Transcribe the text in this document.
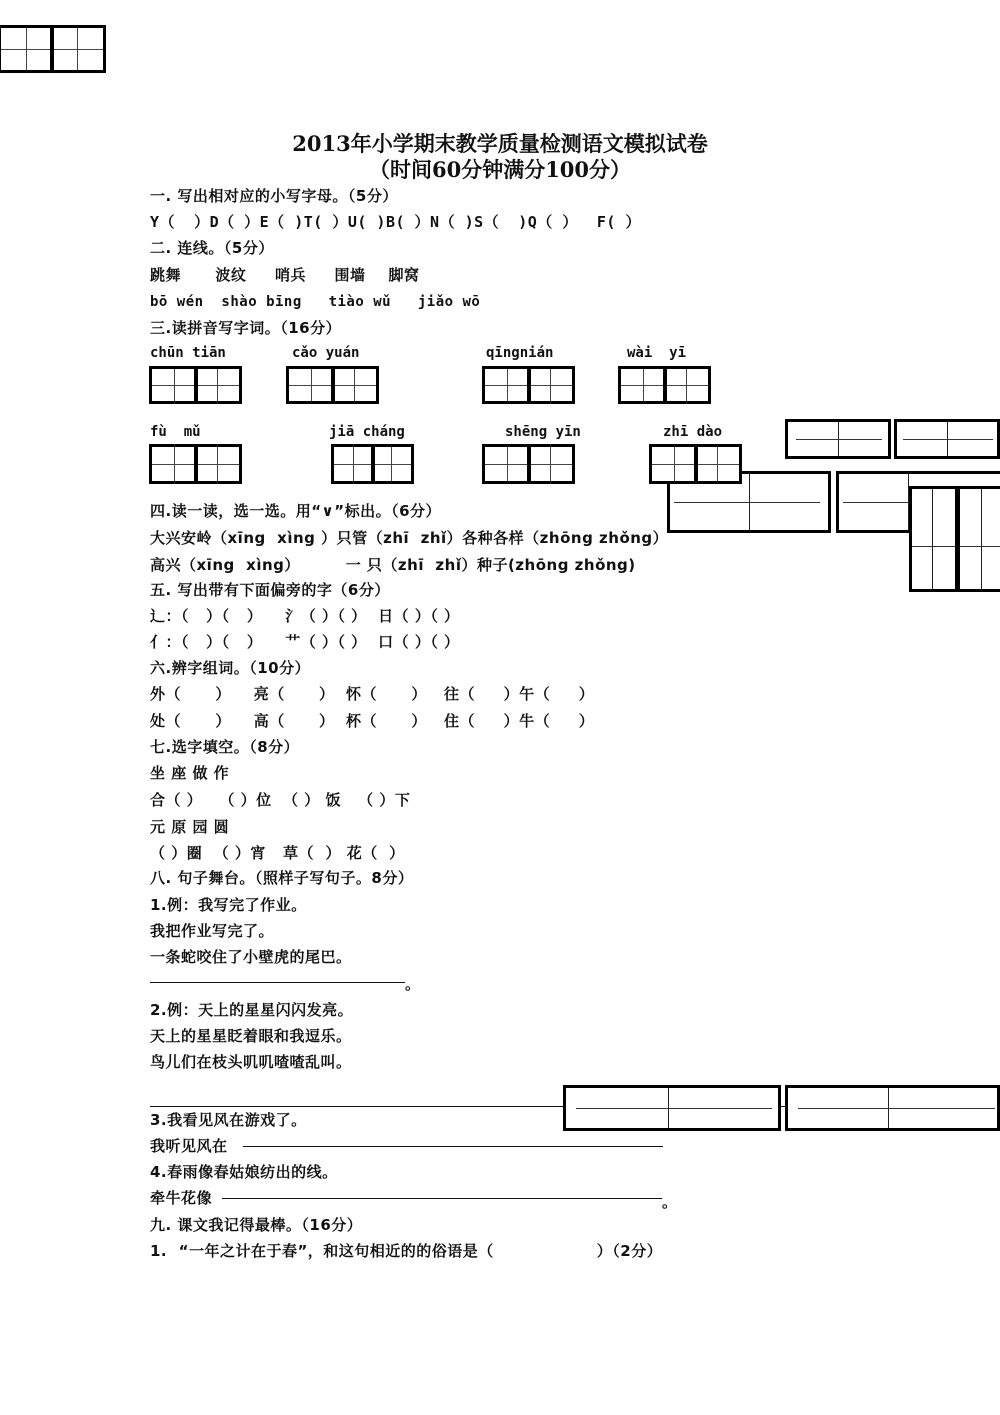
2013年小学期末教学质量检测语文模拟试卷
（时间60分钟满分100分）
一. 写出相对应的小写字母。（5分）
Y（  ）D（ ）E（ )T( ）U( )B( ）N（ )S（  )Q（ ）  F( ）
二. 连线。（5分）
跳舞      波纹     哨兵     围墙    脚窝
bō wén  shào bīng   tiào wǔ   jiǎo wō
三.读拼音写字词。（16分）
chūn tiān	cǎo yuán	qīngnián	wài  yī
fù  mǔ	jiā cháng	shēng yīn	zhī dào
四.读一读，选一选。用“∨”标出。（6分）
大兴安岭（xīng  xìng ）只管（zhī  zhǐ）各种各样（zhōng zhǒng）
高兴（xīng  xìng）        一 只（zhī  zhǐ）种子(zhōng zhǒng)
五. 写出带有下面偏旁的字（6分）
辶：（   ）（   ）    氵（ ）（ ）  日（ ）（ ）
亻：（   ）（   ）    艹（ ）（ ）  口（ ）（ ）
六.辨字组词。（10分）
外（      ）    亮（      ）  怀（      ）   往（     ）午（     ）
处（      ）    高（      ）  杯（      ）   住（     ）牛（     ）
七.选字填空。（8分）
坐 座 做 作
合（ ）   （ ）位  （ ） 饭   （ ）下
元 原 园 圆
（ ）圈  （ ）宵   草（  ） 花（  ）
八. 句子舞台。（照样子写句子。8分）
1.例：我写完了作业。
我把作业写完了。
一条蛇咬住了小壁虎的尾巴。
。
2.例：天上的星星闪闪发亮。
天上的星星眨着眼和我逗乐。
鸟儿们在枝头叽叽喳喳乱叫。
3.我看见风在游戏了。
我听见风在
4.春雨像春姑娘纺出的线。
牵牛花像	。
九. 课文我记得最棒。（16分）
1.  “一年之计在于春”，和这句相近的的俗语是（                  ）（2分）
